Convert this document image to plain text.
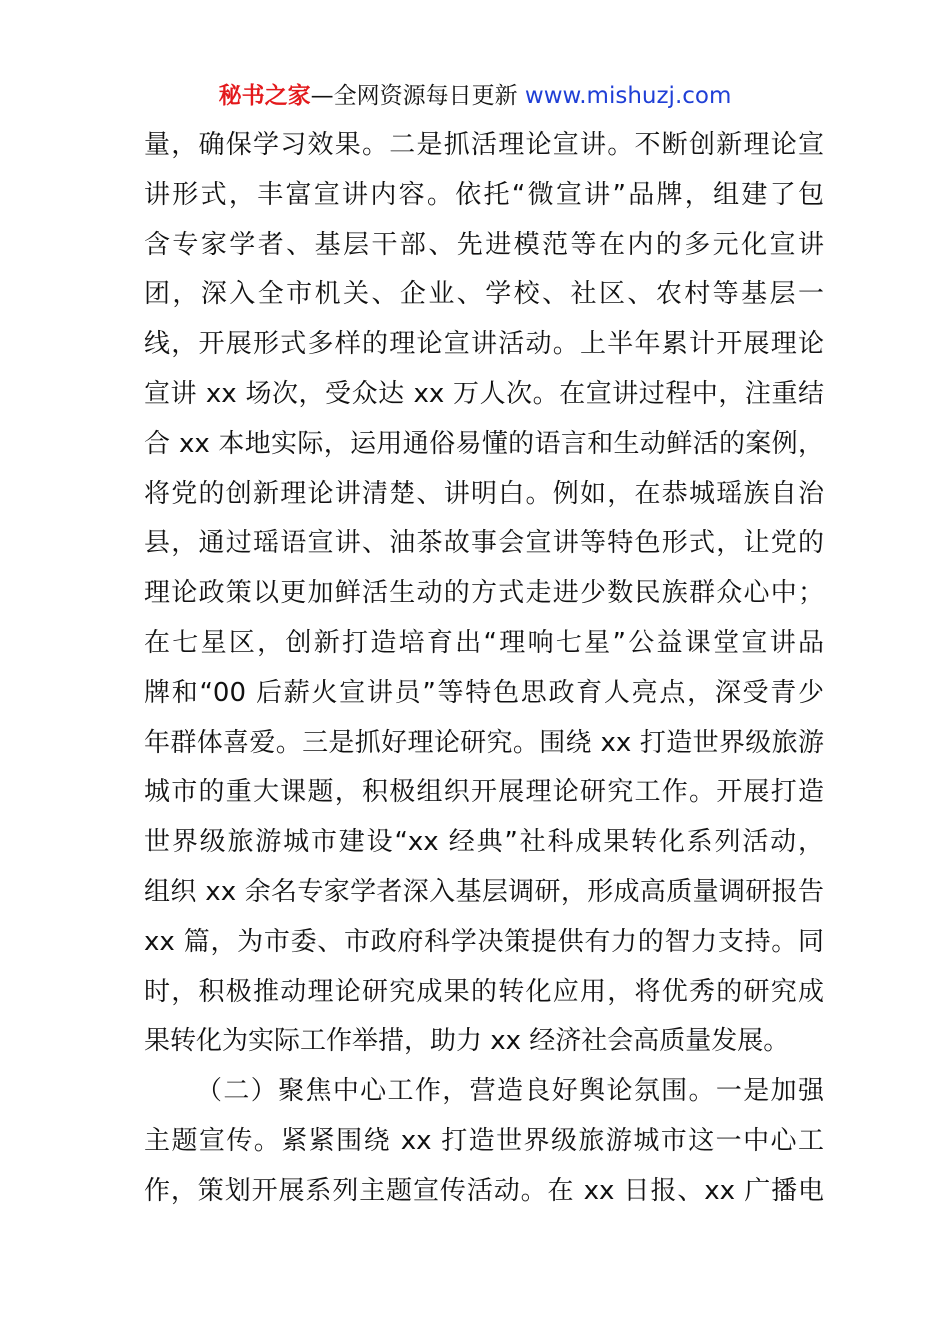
秘书之家—全网资源每日更新 www.mishuzj.com
量，确保学习效果。二是抓活理论宣讲。不断创新理论宣
讲形式，丰富宣讲内容。依托“微宣讲”品牌，组建了包
含专家学者、基层干部、先进模范等在内的多元化宣讲
团，深入全市机关、企业、学校、社区、农村等基层一
线，开展形式多样的理论宣讲活动。上半年累计开展理论
宣讲 xx 场次，受众达 xx 万人次。在宣讲过程中，注重结
合 xx 本地实际，运用通俗易懂的语言和生动鲜活的案例，
将党的创新理论讲清楚、讲明白。例如，在恭城瑶族自治
县，通过瑶语宣讲、油茶故事会宣讲等特色形式，让党的
理论政策以更加鲜活生动的方式走进少数民族群众心中；
在七星区，创新打造培育出“理响七星”公益课堂宣讲品
牌和“00 后薪火宣讲员”等特色思政育人亮点，深受青少
年群体喜爱。三是抓好理论研究。围绕 xx 打造世界级旅游
城市的重大课题，积极组织开展理论研究工作。开展打造
世界级旅游城市建设“xx 经典”社科成果转化系列活动，
组织 xx 余名专家学者深入基层调研，形成高质量调研报告
xx 篇，为市委、市政府科学决策提供有力的智力支持。同
时，积极推动理论研究成果的转化应用，将优秀的研究成
果转化为实际工作举措，助力 xx 经济社会高质量发展。
（二）聚焦中心工作，营造良好舆论氛围。一是加强
主题宣传。紧紧围绕 xx 打造世界级旅游城市这一中心工
作，策划开展系列主题宣传活动。在 xx 日报、xx 广播电
